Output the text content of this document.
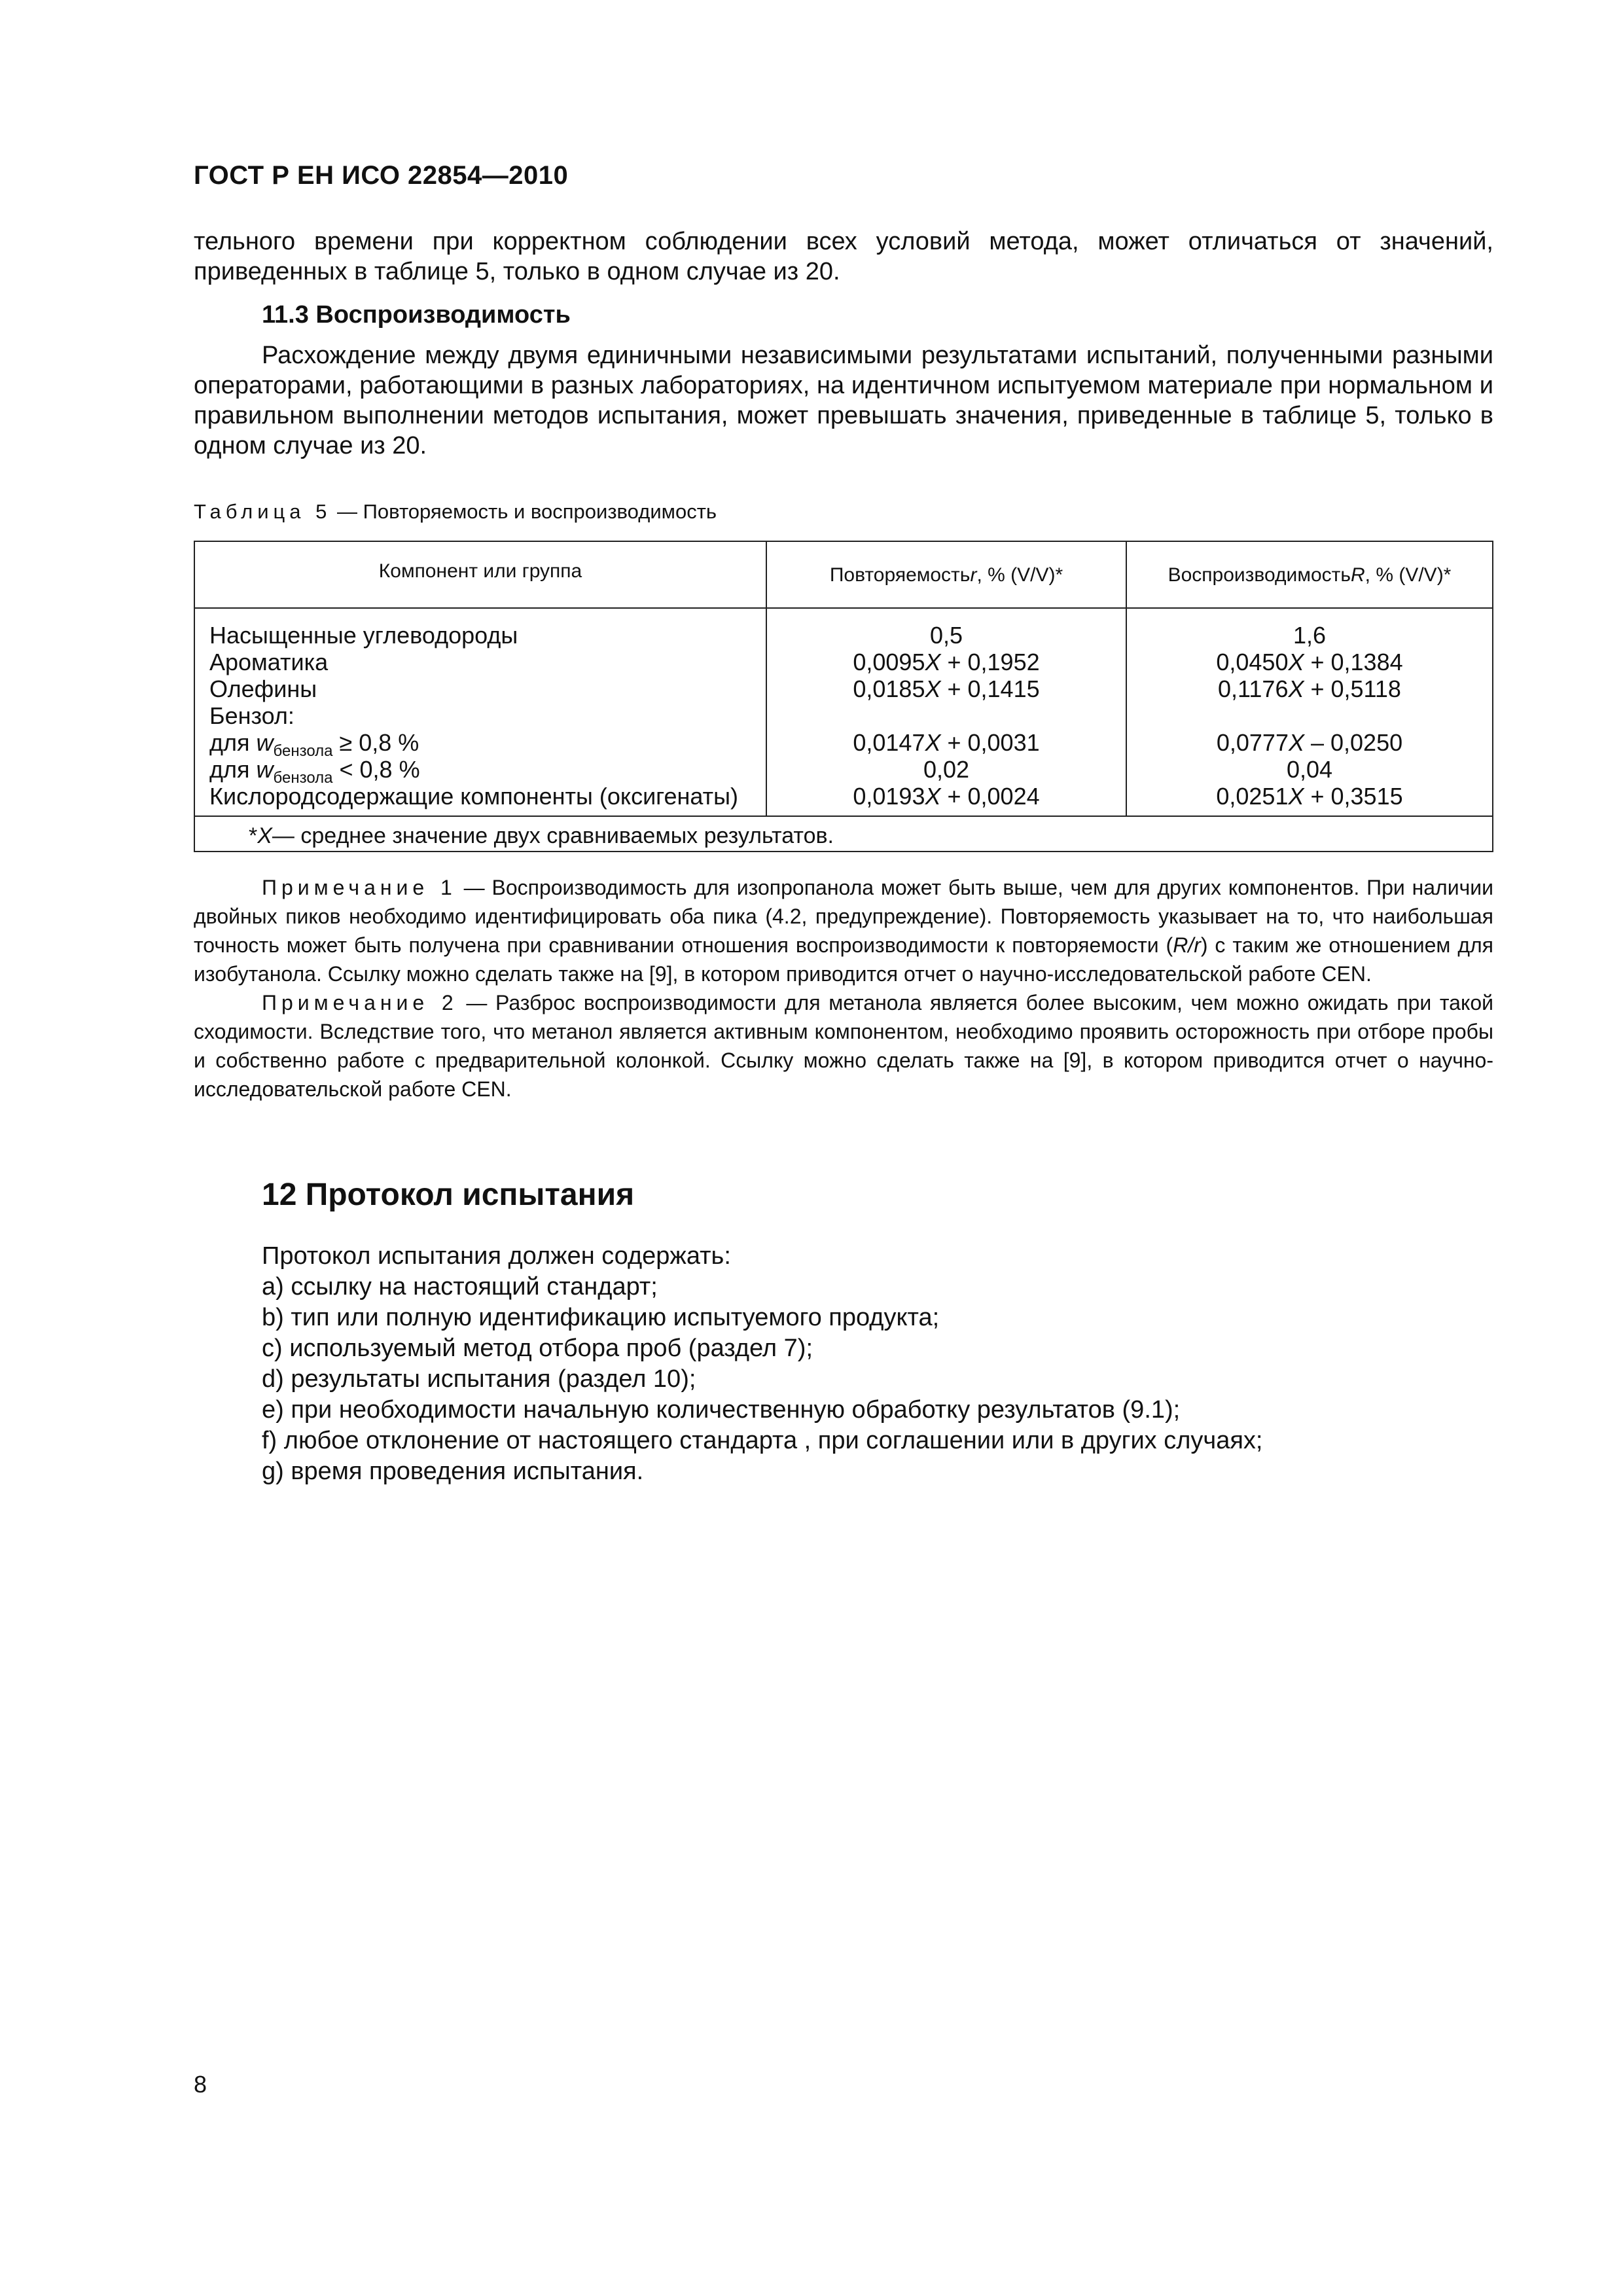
ГОСТ Р ЕН ИСО 22854—2010

тельного времени при корректном соблюдении всех условий метода, может отличаться от значений, приведенных в таблице 5, только в одном случае из 20.

11.3 Воспроизводимость

Расхождение между двумя единичными независимыми результатами испытаний, полученными разными операторами, работающими в разных лабораториях, на идентичном испытуемом материале при нормальном и правильном выполнении методов испытания, может превышать значения, приведенные в таблице 5, только в одном случае из 20.

Таблица 5 — Повторяемость и воспроизводимость
Компонент или группа	Повторяемость r , % (V/V)*	Воспроизводимость R , % (V/V)*
Насыщенные углеводороды
Ароматика
Олефины
Бензол:
для $w_{бензола} \ge 0,8$ %
для $w_{бензола} < 0,8$ %
Кислородсодержащие компоненты (оксигенаты)
0,5
0,0095X + 0,1952
0,0185X + 0,1415
0,0147X + 0,0031
0,02
0,0193X + 0,0024
1,6
0,0450X + 0,1384
0,1176X + 0,5118
0,0777X – 0,0250
0,04
0,0251X + 0,3515
* X — среднее значение двух сравниваемых результатов.

Примечание 1 — Воспроизводимость для изопропанола может быть выше, чем для других компонентов. При наличии двойных пиков необходимо идентифицировать оба пика (4.2, предупреждение). Повторяемость указывает на то, что наибольшая точность может быть получена при сравнивании отношения воспроизводимости к повторяемости (R/r) с таким же отношением для изобутанола. Ссылку можно сделать также на [9], в котором приводится отчет о научно-исследовательской работе CEN.

Примечание 2 — Разброс воспроизводимости для метанола является более высоким, чем можно ожидать при такой сходимости. Вследствие того, что метанол является активным компонентом, необходимо проявить осторожность при отборе пробы и собственно работе с предварительной колонкой. Ссылку можно сделать также на [9], в котором приводится отчет о научно-исследовательской работе CEN.

12 Протокол испытания
Протокол испытания должен содержать:
a) ссылку на настоящий стандарт;
b) тип или полную идентификацию испытуемого продукта;
c) используемый метод отбора проб (раздел 7);
d) результаты испытания (раздел 10);
e) при необходимости начальную количественную обработку результатов (9.1);
f) любое отклонение от настоящего стандарта , при соглашении или в других случаях;
g) время проведения испытания.
8
